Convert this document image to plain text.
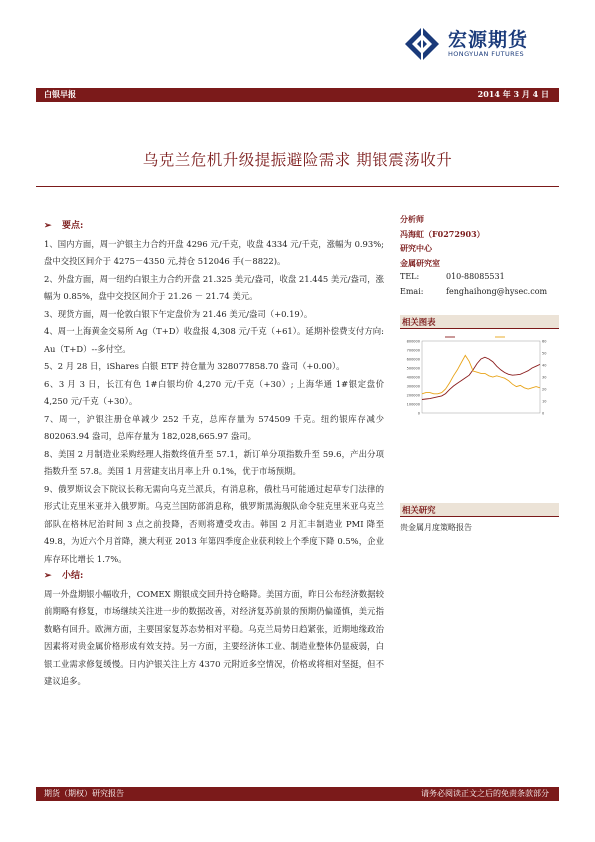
宏源期货
HONGYUAN FUTURES
白银早报	2014 年 3 月 4 日
乌克兰危机升级提振避险需求 期银震荡收升
➢ 要点:
1、国内方面，周一沪银主力合约开盘 4296 元/千克，收盘 4334 元/千克，涨幅为 0.93%;盘中交投区间介于 4275－4350 元,持仓 512046 手(－8822)。
2、外盘方面，周一纽约白银主力合约开盘 21.325 美元/盎司，收盘 21.445 美元/盎司，涨幅为 0.85%，盘中交投区间介于 21.26 － 21.74 美元。
3、现货方面，周一伦敦白银下午定盘价为 21.46 美元/盎司（+0.19）。
4、周一上海黄金交易所 Ag（T+D）收盘报 4,308 元/千克（+61）。延期补偿费支付方向: Au（T+D）--多付空。
5、2 月 28 日，iShares 白银 ETF 持仓量为 328077858.70 盎司（+0.00）。
6、3 月 3 日，长江有色 1#白银均价 4,270 元/千克（+30）; 上海华通 1#银定盘价 4,250 元/千克（+30）。
7、周一，沪银注册仓单减少 252 千克，总库存量为 574509 千克。纽约银库存减少 802063.94 盎司，总库存量为 182,028,665.97 盎司。
8、美国 2 月制造业采购经理人指数终值升至 57.1，新订单分项指数升至 59.6，产出分项指数升至 57.8。美国 1 月营建支出月率上升 0.1%，优于市场预期。
9、俄罗斯议会下院议长称无需向乌克兰派兵，有消息称，俄杜马可能通过起草专门法律的形式让克里米亚并入俄罗斯。乌克兰国防部消息称，俄罗斯黑海舰队命令驻克里米亚乌克兰部队在格林尼治时间 3 点之前投降，否则将遭受攻击。韩国 2 月汇丰制造业 PMI 降至 49.8，为近六个月首降，澳大利亚 2013 年第四季度企业获利较上个季度下降 0.5%，企业库存环比增长 1.7%。
➢ 小结:
周一外盘期银小幅收升，COMEX 期银成交回升持仓略降。美国方面，昨日公布经济数据较前期略有修复，市场继续关注进一步的数据改善，对经济复苏前景的预期仍偏谨慎，美元指数略有回升。欧洲方面，主要国家复苏态势相对平稳。乌克兰局势日趋紧张，近期地缘政治因素将对贵金属价格形成有效支持。另一方面，主要经济体工业、制造业整体仍显疲弱，白银工业需求修复缓慢。日内沪银关注上方 4370 元附近多空情况，价格或将相对坚挺，但不建议追多。
分析师
冯海虹（F0272903）
研究中心
金属研究室
TEL:	010-88085531
Emai:	fenghaihong@hysec.com
相关图表
800000
700000
600000
500000
400000
300000
200000
100000
0
60
50
40
30
20
10
0
相关研究
贵金属月度策略报告
期货（期权）研究报告	请务必阅读正文之后的免责条款部分
